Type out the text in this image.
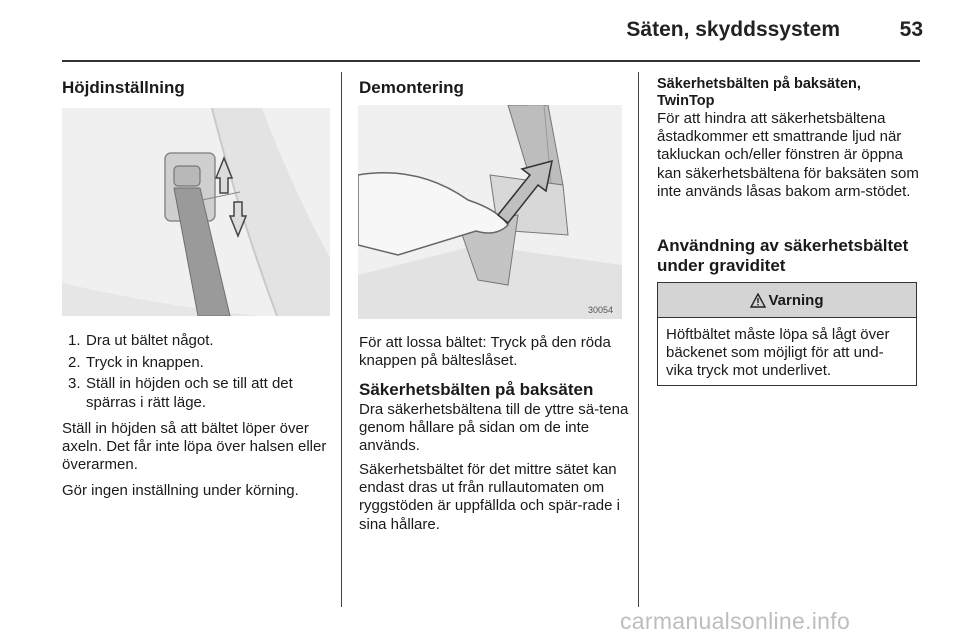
Säten, skyddssystem	53
Höjdinställning
1. Dra ut bältet något.
2. Tryck in knappen.
3. Ställ in höjden och se till att det spärras i rätt läge.

Ställ in höjden så att bältet löper över axeln. Det får inte löpa över halsen eller överarmen.

Gör ingen inställning under körning.

Demontering
30054

För att lossa bältet: Tryck på den röda knappen på bälteslåset.

Säkerhetsbälten på baksäten

Dra säkerhetsbältena till de yttre sä-tena genom hållare på sidan om de inte används.

Säkerhetsbältet för det mittre sätet kan endast dras ut från rullautomaten om ryggstöden är uppfällda och spär-rade i sina hållare.

Säkerhetsbälten på baksäten, TwinTop

För att hindra att säkerhetsbältena åstadkommer ett smattrande ljud när takluckan och/eller fönstren är öppna kan säkerhetsbältena för baksäten som inte används låsas bakom arm-stödet.

Användning av säkerhetsbältet under graviditet
Varning
Höftbältet måste löpa så lågt över bäckenet som möjligt för att und-vika tryck mot underlivet.
carmanualsonline.info
